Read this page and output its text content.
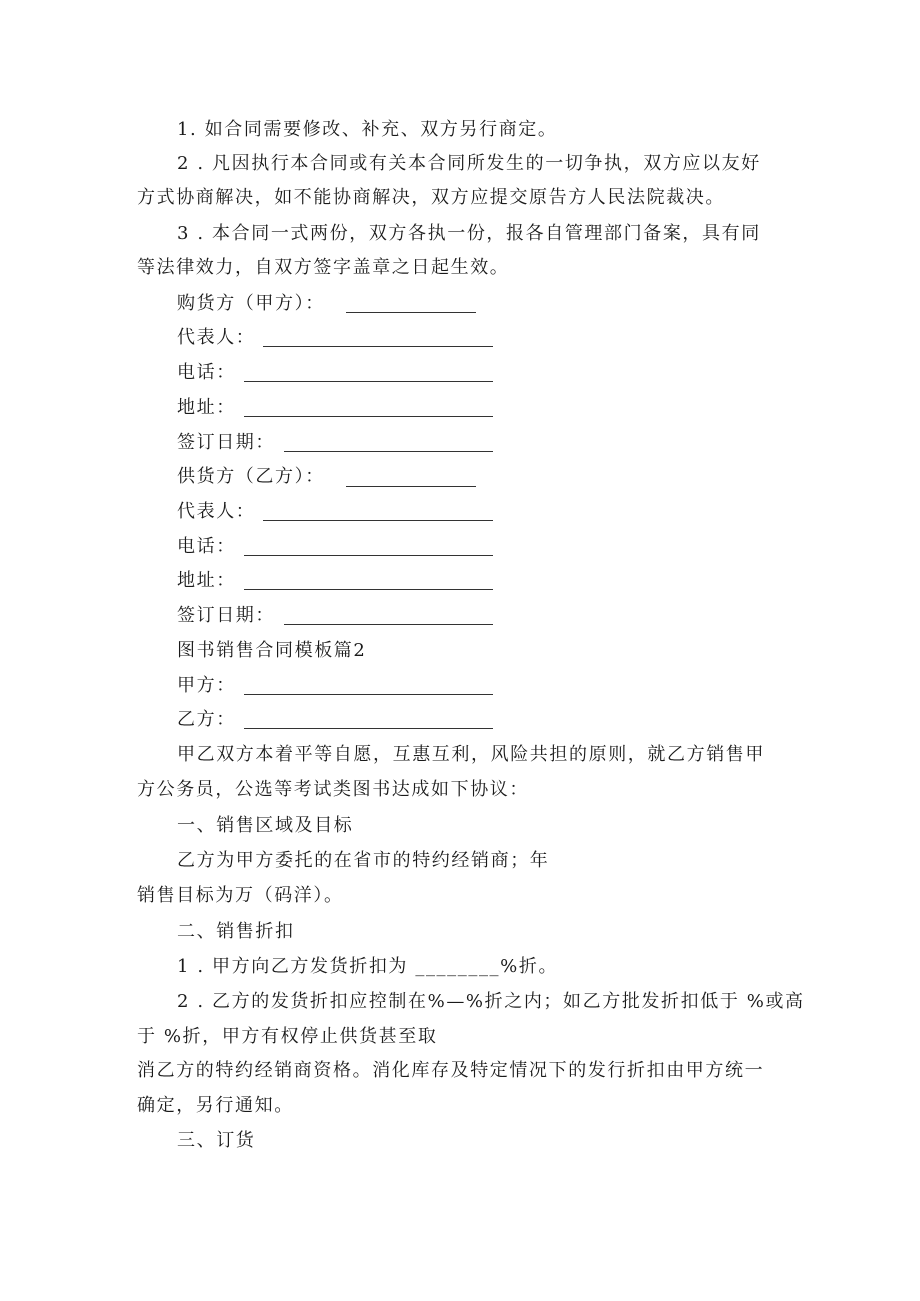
1. 如合同需要修改、补充、双方另行商定。
2 . 凡因执行本合同或有关本合同所发生的一切争执，双方应以友好
方式协商解决，如不能协商解决，双方应提交原告方人民法院裁决。
3 . 本合同一式两份，双方各执一份，报各自管理部门备案，具有同
等法律效力，自双方签字盖章之日起生效。
购货方（甲方）：
代表人：
电话：
地址：
签订日期：
供货方（乙方）：
代表人：
电话：
地址：
签订日期：
图书销售合同模板篇2
甲方：
乙方：
甲乙双方本着平等自愿，互惠互利，风险共担的原则，就乙方销售甲
方公务员，公选等考试类图书达成如下协议：
一、销售区域及目标
乙方为甲方委托的在省市的特约经销商；年
销售目标为万（码洋）。
二、销售折扣
1 . 甲方向乙方发货折扣为 ________%折。
2 . 乙方的发货折扣应控制在%—%折之内；如乙方批发折扣低于 %或高
于 %折，甲方有权停止供货甚至取
消乙方的特约经销商资格。消化库存及特定情况下的发行折扣由甲方统一
确定，另行通知。
三、订货
